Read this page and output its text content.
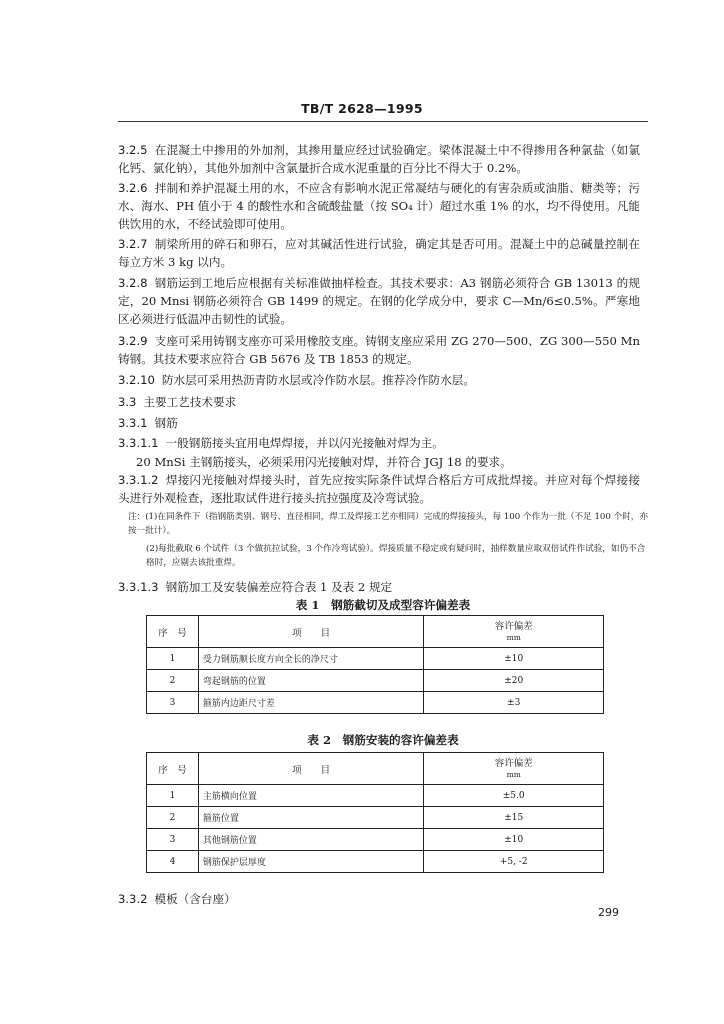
TB/T 2628—1995
3.2.5 在混凝土中掺用的外加剂，其掺用量应经过试验确定。梁体混凝土中不得掺用各种氯盐（如氯化钙、氯化钠），其他外加剂中含氯量折合成水泥重量的百分比不得大于 0.2%。
3.2.6 拌制和养护混凝土用的水，不应含有影响水泥正常凝结与硬化的有害杂质或油脂、糖类等；污水、海水、PH 值小于 4 的酸性水和含硫酸盐量（按 SO₄ 计）超过水重 1% 的水，均不得使用。凡能供饮用的水，不经试验即可使用。
3.2.7 制梁所用的碎石和卵石，应对其碱活性进行试验，确定其是否可用。混凝土中的总碱量控制在每立方米 3 kg 以内。
3.2.8 钢筋运到工地后应根据有关标准做抽样检查。其技术要求：A3 钢筋必须符合 GB 13013 的规定，20 Mnsi 钢筋必须符合 GB 1499 的规定。在钢的化学成分中，要求 C—Mn/6≤0.5%。严寒地区必须进行低温冲击韧性的试验。
3.2.9 支座可采用铸钢支座亦可采用橡胶支座。铸钢支座应采用 ZG 270—500、ZG 300—550 Mn 铸钢。其技术要求应符合 GB 5676 及 TB 1853 的规定。
3.2.10 防水层可采用热沥青防水层或冷作防水层。推荐冷作防水层。
3.3 主要工艺技术要求
3.3.1 钢筋
3.3.1.1 一般钢筋接头宜用电焊焊接，并以闪光接触对焊为主。
20 MnSi 主钢筋接头，必须采用闪光接触对焊，并符合 JGJ 18 的要求。
3.3.1.2 焊接闪光接触对焊接头时，首先应按实际条件试焊合格后方可成批焊接。并应对每个焊接接头进行外观检查，逐批取试件进行接头抗拉强度及冷弯试验。
注：(1)在同条件下（指钢筋类别、钢号、直径相同，焊工及焊接工艺亦相同）完成的焊接接头，每 100 个作为一批（不足 100 个时，亦按一批计）。
(2)每批截取 6 个试件（3 个做抗拉试验，3 个作冷弯试验）。焊接质量不稳定或有疑问时，抽样数量应取双倍试件作试验，如仍不合格时，应剔去该批重焊。
3.3.1.3 钢筋加工及安装偏差应符合表 1 及表 2 规定
表 1　钢筋截切及成型容许偏差表
序　号	项　　目	容许偏差
mm

1	受力钢筋顺长度方向全长的净尺寸	±10
2	弯起钢筋的位置	±20
3	箍筋内边距尺寸差	±3
表 2　钢筋安装的容许偏差表
序　号	项　　目	容许偏差
mm

1	主筋横向位置	±5.0
2	箍筋位置	±15
3	其他钢筋位置	±10
4	钢筋保护层厚度	+5, -2
3.3.2 模板（含台座）
299
